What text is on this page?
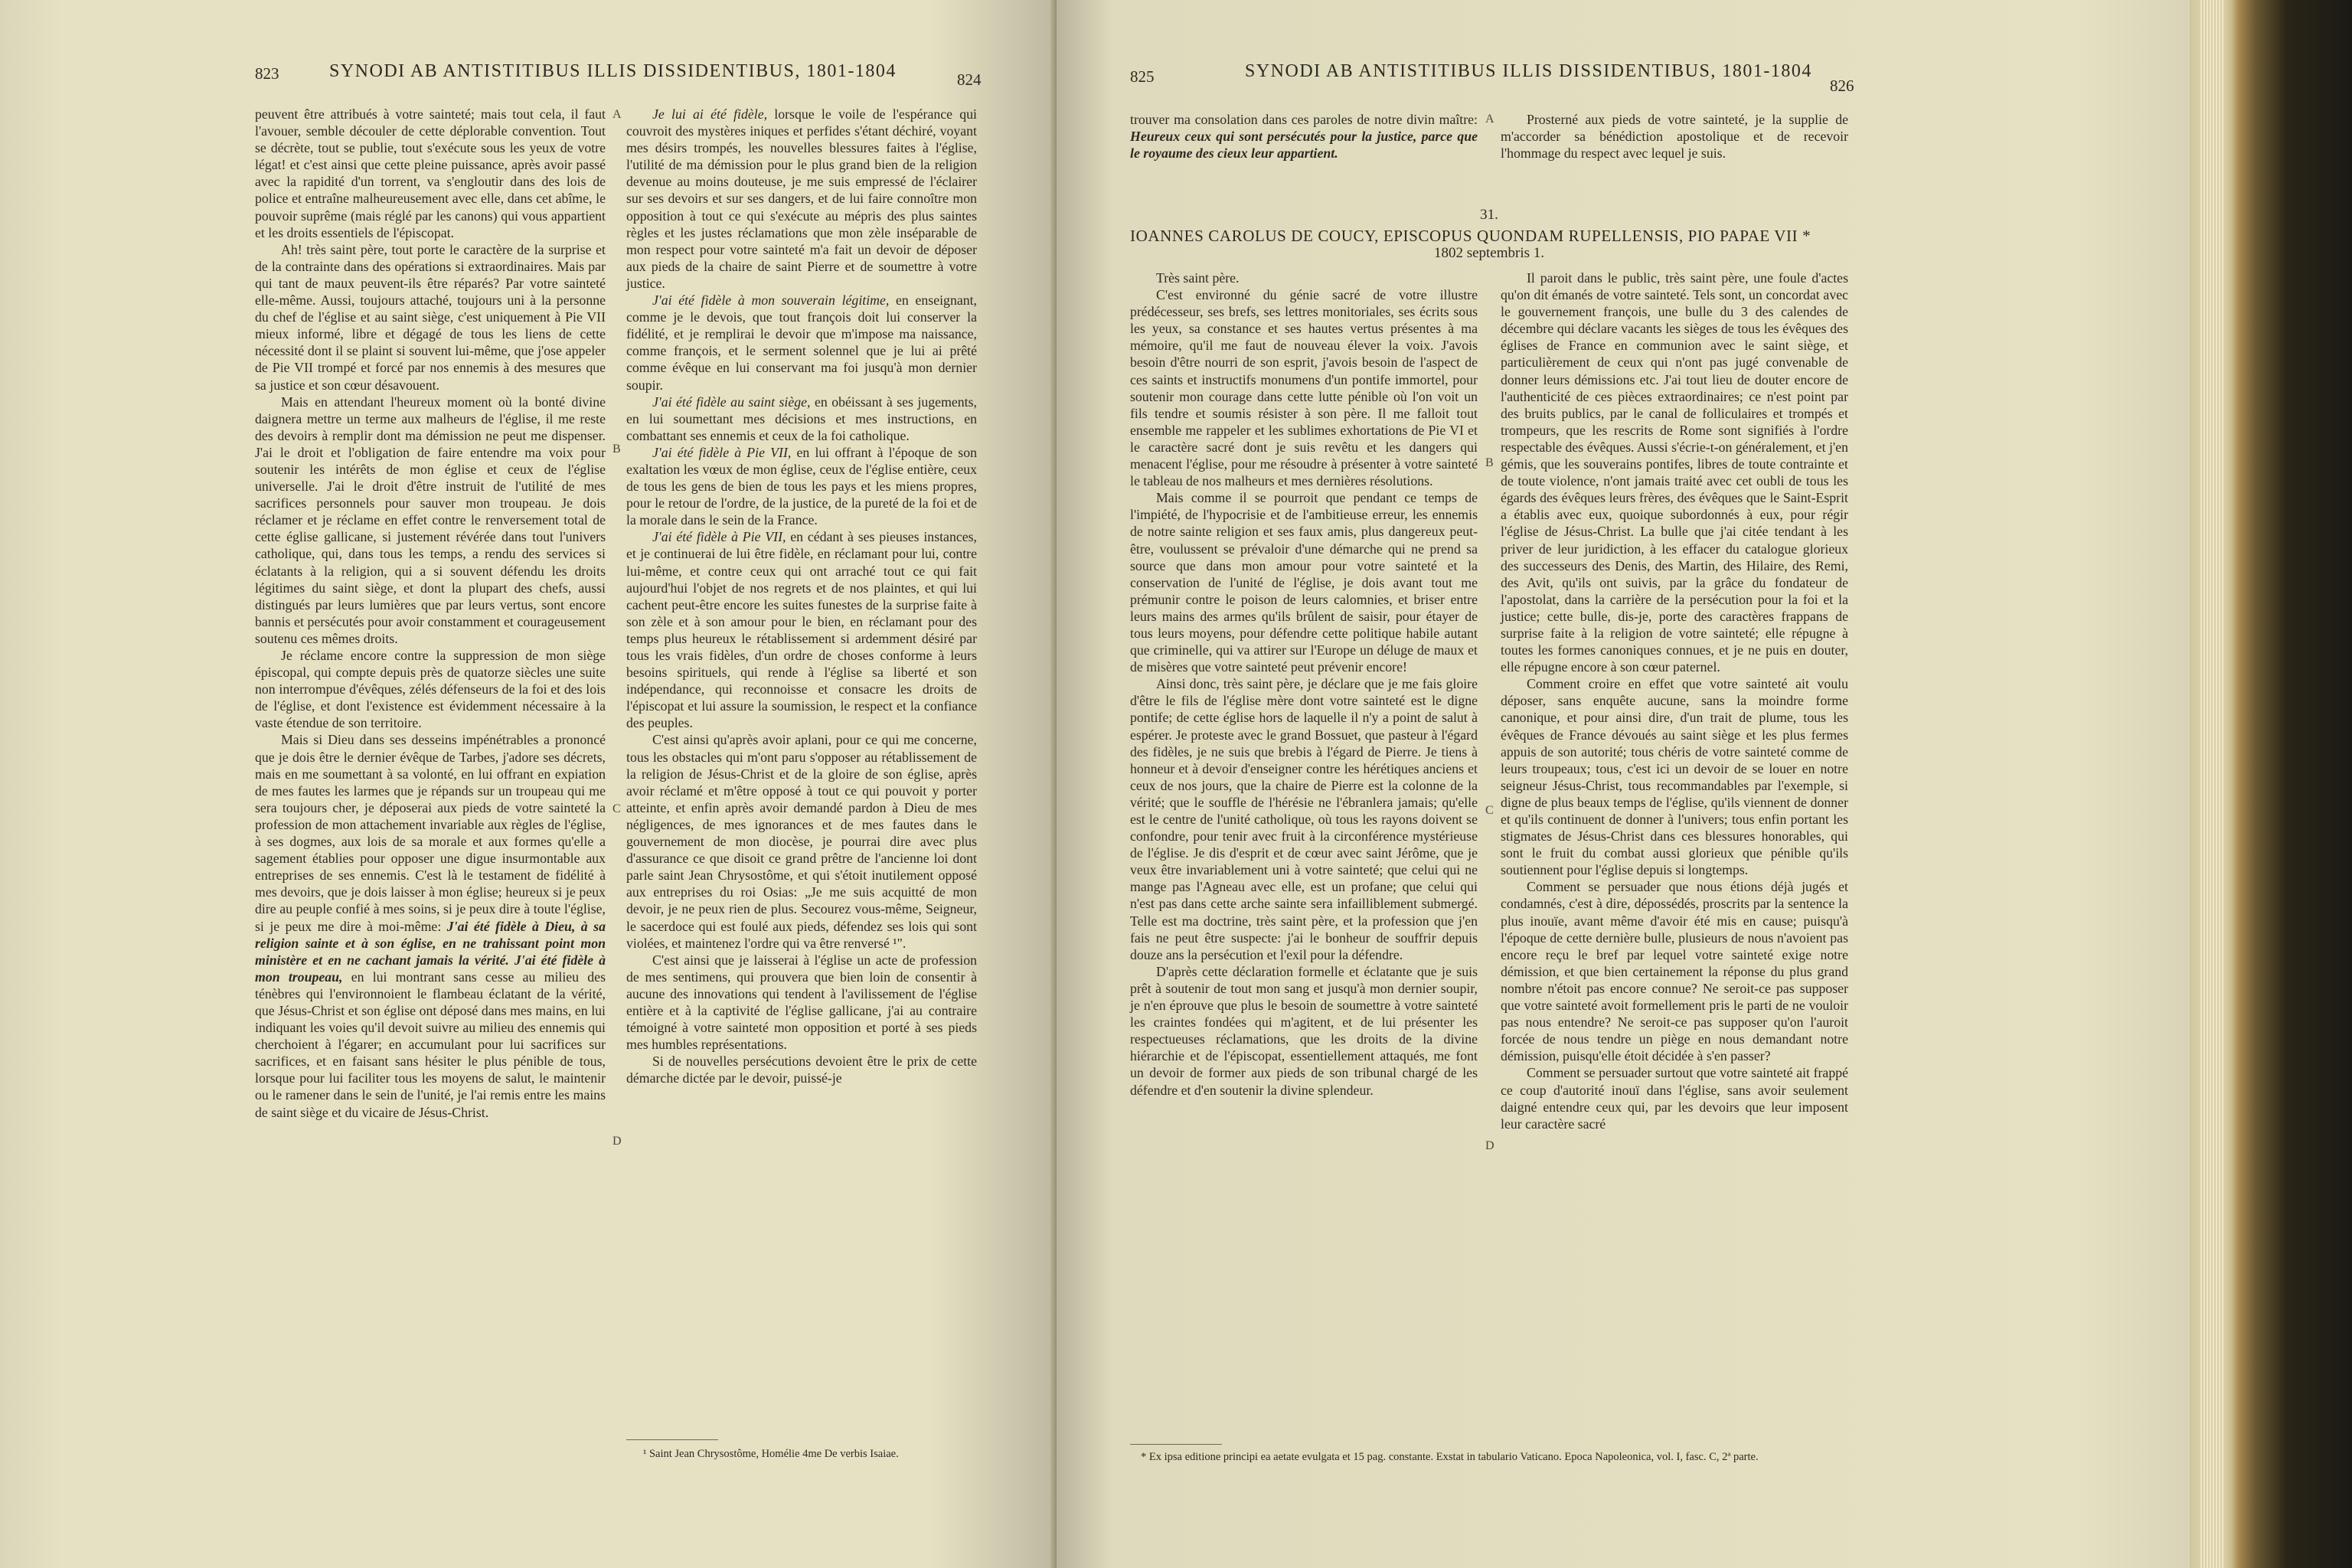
823	SYNODI AB ANTISTITIBUS ILLIS DISSIDENTIBUS, 1801-1804	824

peuvent être attribués à votre sainteté; mais tout cela, il faut l'avouer, semble découler de cette déplorable convention. Tout se décrète, tout se publie, tout s'exécute sous les yeux de votre légat! et c'est ainsi que cette pleine puissance, après avoir passé avec la rapidité d'un torrent, va s'engloutir dans des lois de police et entraîne malheureusement avec elle, dans cet abîme, le pouvoir suprême (mais réglé par les canons) qui vous appartient et les droits essentiels de l'épiscopat.

Ah! très saint père, tout porte le caractère de la surprise et de la contrainte dans des opérations si extraordinaires. Mais par qui tant de maux peuvent-ils être réparés? Par votre sainteté elle-même. Aussi, toujours attaché, toujours uni à la personne du chef de l'église et au saint siège, c'est uniquement à Pie VII mieux informé, libre et dégagé de tous les liens de cette nécessité dont il se plaint si souvent lui-même, que j'ose appeler de Pie VII trompé et forcé par nos ennemis à des mesures que sa justice et son cœur désavouent.

Mais en attendant l'heureux moment où la bonté divine daignera mettre un terme aux malheurs de l'église, il me reste des devoirs à remplir dont ma démission ne peut me dispenser. J'ai le droit et l'obligation de faire entendre ma voix pour soutenir les intérêts de mon église et ceux de l'église universelle. J'ai le droit d'être instruit de l'utilité de mes sacrifices personnels pour sauver mon troupeau. Je dois réclamer et je réclame en effet contre le renversement total de cette église gallicane, si justement révérée dans tout l'univers catholique, qui, dans tous les temps, a rendu des services si éclatants à la religion, qui a si souvent défendu les droits légitimes du saint siège, et dont la plupart des chefs, aussi distingués par leurs lumières que par leurs vertus, sont encore bannis et persécutés pour avoir constamment et courageusement soutenu ces mêmes droits.

Je réclame encore contre la suppression de mon siège épiscopal, qui compte depuis près de quatorze siècles une suite non interrompue d'évêques, zélés défenseurs de la foi et des lois de l'église, et dont l'existence est évidemment nécessaire à la vaste étendue de son territoire.

Mais si Dieu dans ses desseins impénétrables a prononcé que je dois être le dernier évêque de Tarbes, j'adore ses décrets, mais en me soumettant à sa volonté, en lui offrant en expiation de mes fautes les larmes que je répands sur un troupeau qui me sera toujours cher, je déposerai aux pieds de votre sainteté la profession de mon attachement invariable aux règles de l'église, à ses dogmes, aux lois de sa morale et aux formes qu'elle a sagement établies pour opposer une digue insurmontable aux entreprises de ses ennemis. C'est là le testament de fidélité à mes devoirs, que je dois laisser à mon église; heureux si je peux dire au peuple confié à mes soins, si je peux dire à toute l'église, si je peux me dire à moi-même: J'ai été fidèle à Dieu, à sa religion sainte et à son église, en ne trahissant point mon ministère et en ne cachant jamais la vérité. J'ai été fidèle à mon troupeau, en lui montrant sans cesse au milieu des ténèbres qui l'environnoient le flambeau éclatant de la vérité, que Jésus-Christ et son église ont déposé dans mes mains, en lui indiquant les voies qu'il devoit suivre au milieu des ennemis qui cherchoient à l'égarer; en accumulant pour lui sacrifices sur sacrifices, et en faisant sans hésiter le plus pénible de tous, lorsque pour lui faciliter tous les moyens de salut, le maintenir ou le ramener dans le sein de l'unité, je l'ai remis entre les mains de saint siège et du vicaire de Jésus-Christ.

A
B
C
D

Je lui ai été fidèle, lorsque le voile de l'espérance qui couvroit des mystères iniques et perfides s'étant déchiré, voyant mes désirs trompés, les nouvelles blessures faites à l'église, l'utilité de ma démission pour le plus grand bien de la religion devenue au moins douteuse, je me suis empressé de l'éclairer sur ses devoirs et sur ses dangers, et de lui faire connoître mon opposition à tout ce qui s'exécute au mépris des plus saintes règles et les justes réclamations que mon zèle inséparable de mon respect pour votre sainteté m'a fait un devoir de déposer aux pieds de la chaire de saint Pierre et de soumettre à votre justice.

J'ai été fidèle à mon souverain légitime, en enseignant, comme je le devois, que tout françois doit lui conserver la fidélité, et je remplirai le devoir que m'impose ma naissance, comme françois, et le serment solennel que je lui ai prêté comme évêque en lui conservant ma foi jusqu'à mon dernier soupir.

J'ai été fidèle au saint siège, en obéissant à ses jugements, en lui soumettant mes décisions et mes instructions, en combattant ses ennemis et ceux de la foi catholique.

J'ai été fidèle à Pie VII, en lui offrant à l'époque de son exaltation les vœux de mon église, ceux de l'église entière, ceux de tous les gens de bien de tous les pays et les miens propres, pour le retour de l'ordre, de la justice, de la pureté de la foi et de la morale dans le sein de la France.

J'ai été fidèle à Pie VII, en cédant à ses pieuses instances, et je continuerai de lui être fidèle, en réclamant pour lui, contre lui-même, et contre ceux qui ont arraché tout ce qui fait aujourd'hui l'objet de nos regrets et de nos plaintes, et qui lui cachent peut-être encore les suites funestes de la surprise faite à son zèle et à son amour pour le bien, en réclamant pour des temps plus heureux le rétablissement si ardemment désiré par tous les vrais fidèles, d'un ordre de choses conforme à leurs besoins spirituels, qui rende à l'église sa liberté et son indépendance, qui reconnoisse et consacre les droits de l'épiscopat et lui assure la soumission, le respect et la confiance des peuples.

C'est ainsi qu'après avoir aplani, pour ce qui me concerne, tous les obstacles qui m'ont paru s'opposer au rétablissement de la religion de Jésus-Christ et de la gloire de son église, après avoir réclamé et m'être opposé à tout ce qui pouvoit y porter atteinte, et enfin après avoir demandé pardon à Dieu de mes négligences, de mes ignorances et de mes fautes dans le gouvernement de mon diocèse, je pourrai dire avec plus d'assurance ce que disoit ce grand prêtre de l'ancienne loi dont parle saint Jean Chrysostôme, et qui s'étoit inutilement opposé aux entreprises du roi Osias: „Je me suis acquitté de mon devoir, je ne peux rien de plus. Secourez vous-même, Seigneur, le sacerdoce qui est foulé aux pieds, défendez ses lois qui sont violées, et maintenez l'ordre qui va être renversé ¹".

C'est ainsi que je laisserai à l'église un acte de profession de mes sentimens, qui prouvera que bien loin de consentir à aucune des innovations qui tendent à l'avilissement de l'église entière et à la captivité de l'église gallicane, j'ai au contraire témoigné à votre sainteté mon opposition et porté à ses pieds mes humbles représentations.

Si de nouvelles persécutions devoient être le prix de cette démarche dictée par le devoir, puissé-je

¹ Saint Jean Chrysostôme, Homélie 4me De verbis Isaiae.
825	SYNODI AB ANTISTITIBUS ILLIS DISSIDENTIBUS, 1801-1804
826

trouver ma consolation dans ces paroles de notre divin maître: Heureux ceux qui sont persécutés pour la justice, parce que le royaume des cieux leur appartient.

A	Prosterné aux pieds de votre sainteté, je la supplie de m'accorder sa bénédiction apostolique et de recevoir l'hommage du respect avec lequel je suis.

31.
IOANNES CAROLUS DE COUCY, EPISCOPUS QUONDAM RUPELLENSIS, PIO PAPAE VII *
1802 septembris 1.

Très saint père.

C'est environné du génie sacré de votre illustre prédécesseur, ses brefs, ses lettres monitoriales, ses écrits sous les yeux, sa constance et ses hautes vertus présentes à ma mémoire, qu'il me faut de nouveau élever la voix. J'avois besoin d'être nourri de son esprit, j'avois besoin de l'aspect de ces saints et instructifs monumens d'un pontife immortel, pour soutenir mon courage dans cette lutte pénible où l'on voit un fils tendre et soumis résister à son père. Il me falloit tout ensemble me rappeler et les sublimes exhortations de Pie VI et le caractère sacré dont je suis revêtu et les dangers qui menacent l'église, pour me résoudre à présenter à votre sainteté le tableau de nos malheurs et mes dernières résolutions.

Mais comme il se pourroit que pendant ce temps de l'impiété, de l'hypocrisie et de l'ambitieuse erreur, les ennemis de notre sainte religion et ses faux amis, plus dangereux peut-être, voulussent se prévaloir d'une démarche qui ne prend sa source que dans mon amour pour votre sainteté et la conservation de l'unité de l'église, je dois avant tout me prémunir contre le poison de leurs calomnies, et briser entre leurs mains des armes qu'ils brûlent de saisir, pour étayer de tous leurs moyens, pour défendre cette politique habile autant que criminelle, qui va attirer sur l'Europe un déluge de maux et de misères que votre sainteté peut prévenir encore!

Ainsi donc, très saint père, je déclare que je me fais gloire d'être le fils de l'église mère dont votre sainteté est le digne pontife; de cette église hors de laquelle il n'y a point de salut à espérer. Je proteste avec le grand Bossuet, que pasteur à l'égard des fidèles, je ne suis que brebis à l'égard de Pierre. Je tiens à honneur et à devoir d'enseigner contre les hérétiques anciens et ceux de nos jours, que la chaire de Pierre est la colonne de la vérité; que le souffle de l'hérésie ne l'ébranlera jamais; qu'elle est le centre de l'unité catholique, où tous les rayons doivent se confondre, pour tenir avec fruit à la circonférence mystérieuse de l'église. Je dis d'esprit et de cœur avec saint Jérôme, que je veux être invariablement uni à votre sainteté; que celui qui ne mange pas l'Agneau avec elle, est un profane; que celui qui n'est pas dans cette arche sainte sera infailliblement submergé. Telle est ma doctrine, très saint père, et la profession que j'en fais ne peut être suspecte: j'ai le bonheur de souffrir depuis douze ans la persécution et l'exil pour la défendre.

D'après cette déclaration formelle et éclatante que je suis prêt à soutenir de tout mon sang et jusqu'à mon dernier soupir, je n'en éprouve que plus le besoin de soumettre à votre sainteté les craintes fondées qui m'agitent, et de lui présenter les respectueuses réclamations, que les droits de la divine hiérarchie et de l'épiscopat, essentiellement attaqués, me font un devoir de former aux pieds de son tribunal chargé de les défendre et d'en soutenir la divine splendeur.

B
C
D

Il paroit dans le public, très saint père, une foule d'actes qu'on dit émanés de votre sainteté. Tels sont, un concordat avec le gouvernement françois, une bulle du 3 des calendes de décembre qui déclare vacants les sièges de tous les évêques des églises de France en communion avec le saint siège, et particulièrement de ceux qui n'ont pas jugé convenable de donner leurs démissions etc. J'ai tout lieu de douter encore de l'authenticité de ces pièces extraordinaires; ce n'est point par des bruits publics, par le canal de folliculaires et trompés et trompeurs, que les rescrits de Rome sont signifiés à l'ordre respectable des évêques. Aussi s'écrie-t-on généralement, et j'en gémis, que les souverains pontifes, libres de toute contrainte et de toute violence, n'ont jamais traité avec cet oubli de tous les égards des évêques leurs frères, des évêques que le Saint-Esprit a établis avec eux, quoique subordonnés à eux, pour régir l'église de Jésus-Christ. La bulle que j'ai citée tendant à les priver de leur juridiction, à les effacer du catalogue glorieux des successeurs des Denis, des Martin, des Hilaire, des Remi, des Avit, qu'ils ont suivis, par la grâce du fondateur de l'apostolat, dans la carrière de la persécution pour la foi et la justice; cette bulle, dis-je, porte des caractères frappans de surprise faite à la religion de votre sainteté; elle répugne à toutes les formes canoniques connues, et je ne puis en douter, elle répugne encore à son cœur paternel.

Comment croire en effet que votre sainteté ait voulu déposer, sans enquête aucune, sans la moindre forme canonique, et pour ainsi dire, d'un trait de plume, tous les évêques de France dévoués au saint siège et les plus fermes appuis de son autorité; tous chéris de votre sainteté comme de leurs troupeaux; tous, c'est ici un devoir de se louer en notre seigneur Jésus-Christ, tous recommandables par l'exemple, si digne de plus beaux temps de l'église, qu'ils viennent de donner et qu'ils continuent de donner à l'univers; tous enfin portant les stigmates de Jésus-Christ dans ces blessures honorables, qui sont le fruit du combat aussi glorieux que pénible qu'ils soutiennent pour l'église depuis si longtemps.

Comment se persuader que nous étions déjà jugés et condamnés, c'est à dire, dépossédés, proscrits par la sentence la plus inouïe, avant même d'avoir été mis en cause; puisqu'à l'époque de cette dernière bulle, plusieurs de nous n'avoient pas encore reçu le bref par lequel votre sainteté exige notre démission, et que bien certainement la réponse du plus grand nombre n'étoit pas encore connue? Ne seroit-ce pas supposer que votre sainteté avoit formellement pris le parti de ne vouloir pas nous entendre? Ne seroit-ce pas supposer qu'on l'auroit forcée de nous tendre un piège en nous demandant notre démission, puisqu'elle étoit décidée à s'en passer?

Comment se persuader surtout que votre sainteté ait frappé ce coup d'autorité inouï dans l'église, sans avoir seulement daigné entendre ceux qui, par les devoirs que leur imposent leur caractère sacré

* Ex ipsa editione principi ea aetate evulgata et 15 pag. constante. Exstat in tabulario Vaticano. Epoca Napoleonica, vol. I, fasc. C, 2ª parte.
